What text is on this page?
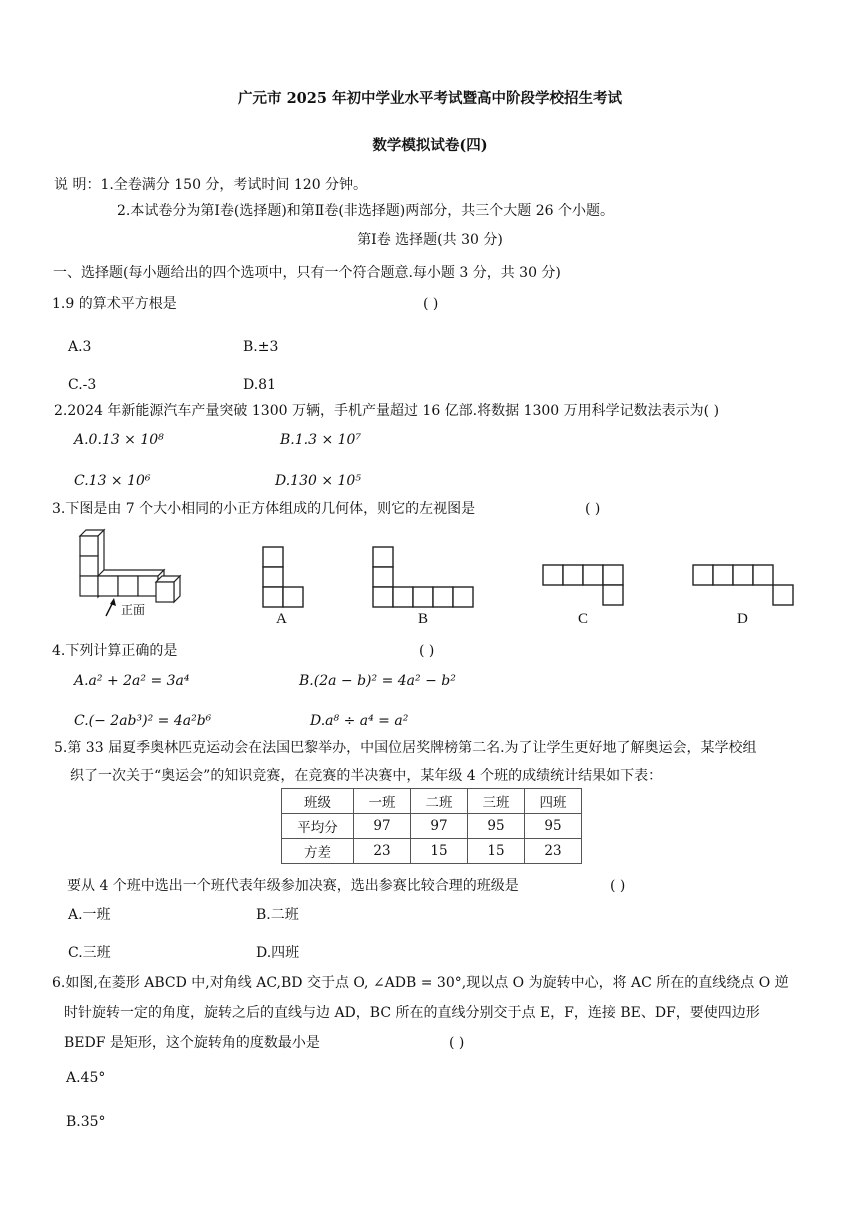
广元市 2025 年初中学业水平考试暨高中阶段学校招生考试
数学模拟试卷(四)
说 明：1.全卷满分 150 分，考试时间 120 分钟。
2.本试卷分为第Ⅰ卷(选择题)和第Ⅱ卷(非选择题)两部分，共三个大题 26 个小题。
第Ⅰ卷 选择题(共 30 分)
一、选择题(每小题给出的四个选项中，只有一个符合题意.每小题 3 分，共 30 分)
1.9 的算术平方根是	( )
A.3	B.±3
C.-3	D.81
2.2024 年新能源汽车产量突破 1300 万辆，手机产量超过 16 亿部.将数据 1300 万用科学记数法表示为( )
A.0.13 × 10⁸	B.1.3 × 10⁷
C.13 × 10⁶	D.130 × 10⁵
3.下图是由 7 个大小相同的小正方体组成的几何体，则它的左视图是	( )
正面
A	B	C	D
4.下列计算正确的是	( )
A.a² + 2a² = 3a⁴	B.(2a − b)² = 4a² − b²
C.(− 2ab³)² = 4a²b⁶	D.a⁸ ÷ a⁴ = a²
5.第 33 届夏季奥林匹克运动会在法国巴黎举办，中国位居奖牌榜第二名.为了让学生更好地了解奥运会，某学校组
织了一次关于“奥运会”的知识竞赛，在竞赛的半决赛中，某年级 4 个班的成绩统计结果如下表：
班级	一班	二班	三班	四班
平均分	97	97	95	95
方差	23	15	15	23
要从 4 个班中选出一个班代表年级参加决赛，选出参赛比较合理的班级是	( )
A.一班	B.二班
C.三班	D.四班
6.如图,在菱形 ABCD 中,对角线 AC,BD 交于点 O, ∠ADB = 30°,现以点 O 为旋转中心，将 AC 所在的直线绕点 O 逆
时针旋转一定的角度，旋转之后的直线与边 AD，BC 所在的直线分别交于点 E，F，连接 BE、DF，要使四边形
BEDF 是矩形，这个旋转角的度数最小是	( )
A.45°
B.35°
